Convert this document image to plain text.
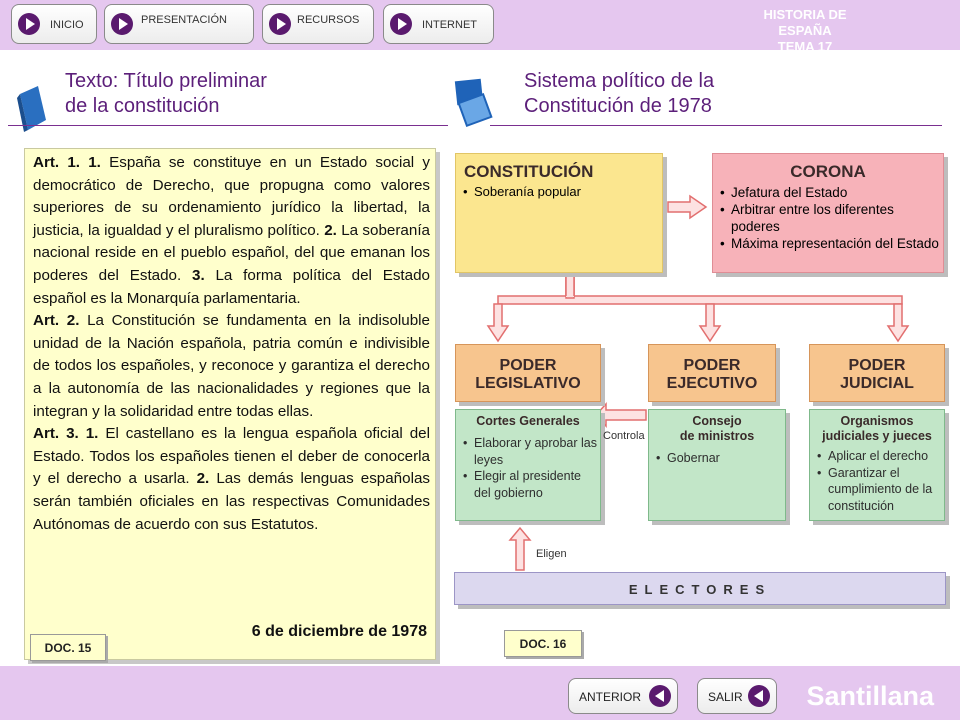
INICIO	PRESENTACIÓN	RECURSOS	INTERNET
HISTORIA DE ESPAÑA
TEMA 17
Texto: Título preliminar
de la constitución
Sistema político de la
Constitución de 1978

Art. 1. 1. España se constituye en un Estado social y democrático de Derecho, que propugna como valores superiores de su ordenamiento jurídico la libertad, la justicia, la igualdad y el pluralismo político. 2. La soberanía nacional reside en el pueblo español, del que emanan los poderes del Estado. 3. La forma política del Estado español es la Monarquía parlamentaria.

Art. 2. La Constitución se fundamenta en la indisoluble unidad de la Nación española, patria común e indivisible de todos los españoles, y reconoce y garantiza el derecho a la autonomía de las nacionalidades y regiones que la integran y la solidaridad entre todas ellas.

Art. 3. 1. El castellano es la lengua española oficial del Estado. Todos los españoles tienen el deber de conocerla y el derecho a usarla. 2. Las demás lenguas españolas serán también oficiales en las respectivas Comunidades Autónomas de acuerdo con sus Estatutos.

6 de diciembre de 1978
DOC. 15
CONSTITUCIÓN
• Soberanía popular
CORONA
• Jefatura del Estado
• Arbitrar entre los diferentes poderes
• Máxima representación del Estado
PODER
LEGISLATIVO
PODER
EJECUTIVO
PODER
JUDICIAL
Cortes Generales
• Elaborar y aprobar las leyes
• Elegir al presidente del gobierno
Consejo
de ministros
• Gobernar
Organismos
judiciales y jueces
• Aplicar el derecho
• Garantizar el cumplimiento de la constitución
Controla
Eligen
ELECTORES
DOC. 16
ANTERIOR	SALIR Santillana
